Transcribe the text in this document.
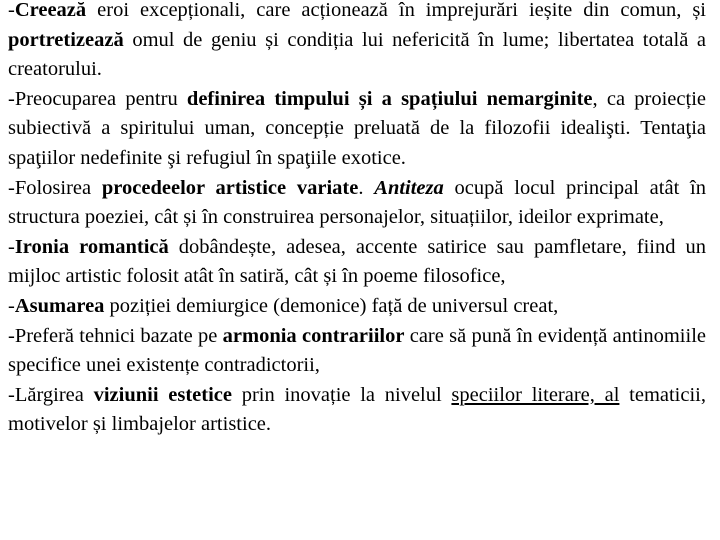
-Creează eroi excepționali, care acționează în imprejurări ieșite din comun, și portretizează omul de geniu și condiția lui nefericită în lume; libertatea totală a creatorului.

-Preocuparea pentru definirea timpului și a spațiului nemarginite, ca proiecție subiectivă a spiritului uman, concepție preluată de la filozofii idealişti. Tentaţia spaţiilor nedefinite şi refugiul în spaţiile exotice.

-Folosirea procedeelor artistice variate. Antiteza ocupă locul principal atât în structura poeziei, cât și în construirea personajelor, situațiilor, ideilor exprimate,

-Ironia romantică dobândește, adesea, accente satirice sau pamfletare, fiind un mijloc artistic folosit atât în satiră, cât și în poeme filosofice,

-Asumarea poziției demiurgice (demonice) față de universul creat,

-Preferă tehnici bazate pe armonia contrariilor care să pună în evidență antinomiile specifice unei existențe contradictorii,

-Lărgirea viziunii estetice prin inovație la nivelul speciilor literare, al tematicii, motivelor și limbajelor artistice.
